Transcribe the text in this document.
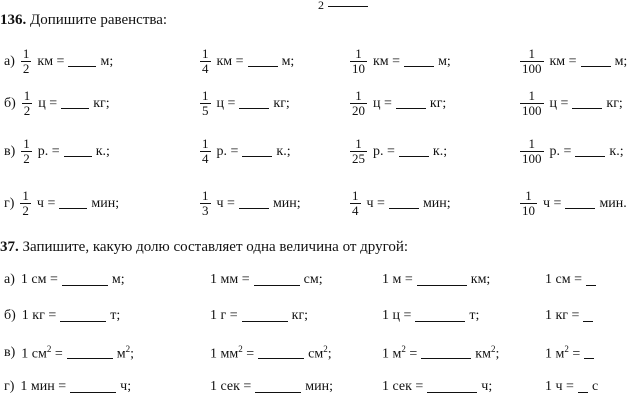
2
136. Допишите равенства:
$а) \frac{1}{2}$ км =	м;	$\frac{1}{4}$ км =	м;	$\frac{1}{10}$ км =	м;	$\frac{1}{100}$ км =	м;
$б) \frac{1}{2}$ ц =	кг;	$\frac{1}{5}$ ц =	кг;	$\frac{1}{20}$ ц =	кг;	$\frac{1}{100}$ ц =	кг;
$в) \frac{1}{2} р$. =	к.;	$\frac{1}{4} р$. =	к.;	$\frac{1}{25} р$. =	к.;	$\frac{1}{100} р$. =	к.;
$г) \frac{1}{2}$ ч =	мин;	$\frac{1}{3}$ ч =	мин;	$\frac{1}{4}$ ч =	мин;	$\frac{1}{10}$ ч =	мин.
37. Запишите, какую долю составляет одна величина от другой:
а) 1 см =	м;	1 мм =	см;	1 м =	км;	1 см =
б) 1 кг =	т;	1 г =	кг;	1 ц =	т;	1 кг =
в) 1 $см^2$ =	$м^2$;	1 $мм^2$ =	$см^2$;	1 $м^2$ =	$км^2$;	1 $м^2$ =
г) 1 мин =	ч;	1 сек =	мин;	1 сек =	ч;	1 ч = с
